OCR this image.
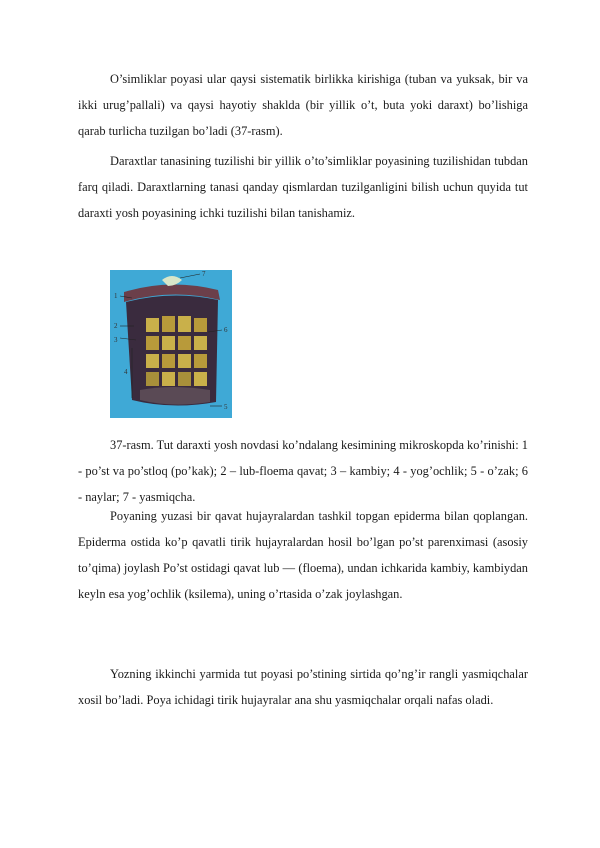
O’simliklar poyasi ular qaysi sistematik birlikka kirishiga (tuban va yuksak, bir va ikki urug’pallali) va qaysi hayotiy shaklda (bir yillik o’t, buta yoki daraxt) bo’lishiga qarab turlicha tuzilgan bo’ladi (37-rasm).

Daraxtlar tanasining tuzilishi bir yillik o’to’simliklar poyasining tuzilishidan tubdan farq qiladi. Daraxtlarning tanasi qanday qismlardan tuzilganligini bilish uchun quyida tut daraxti yosh poyasining ichki tuzilishi bilan tanishamiz.

1
2
3
4
5
6
7

37-rasm. Tut daraxti yosh novdasi ko’ndalang kesimining mikroskopda ko’rinishi: 1 - po’st va po’stloq (po’kak); 2 – lub-floema qavat; 3 – kambiy; 4 - yog’ochlik; 5 - o’zak; 6 - naylar; 7 - yasmiqcha.

Poyaning yuzasi bir qavat hujayralardan tashkil topgan epiderma bilan qoplangan. Epiderma ostida ko’p qavatli tirik hujayralardan hosil bo’lgan po’st parenximasi (asosiy to’qima) joylash Po’st ostidagi qavat lub — (floema), undan ichkarida kambiy, kambiydan keyln esa yog’ochlik (ksilema), uning o’rtasida o’zak joylashgan.

Yozning ikkinchi yarmida tut poyasi po’stining sirtida qo’ng’ir rangli yasmiqchalar xosil bo’ladi. Poya ichidagi tirik hujayralar ana shu yasmiqchalar orqali nafas oladi.
